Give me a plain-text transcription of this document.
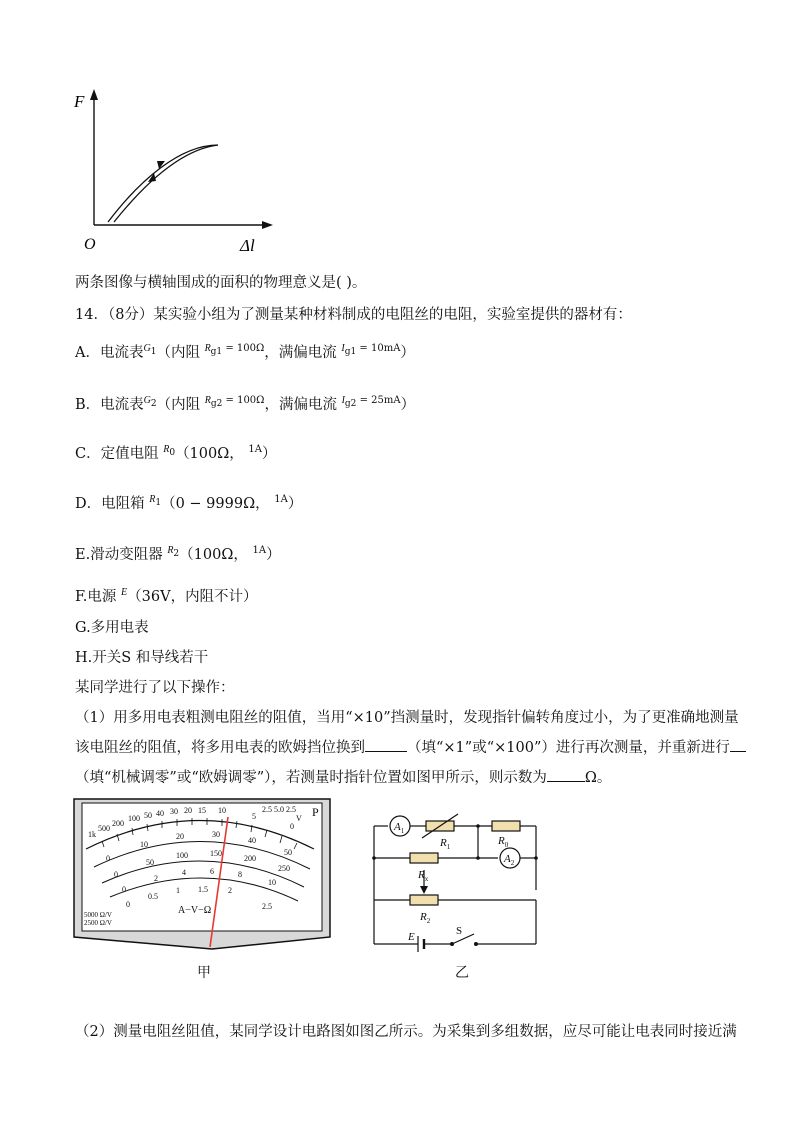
F
O	Δl
两条图像与横轴围成的面积的物理意义是( )。
14．（8分）某实验小组为了测量某种材料制成的电阻丝的电阻，实验室提供的器材有：
A．电流表$^{G1}$（内阻 $^{Rg1 = 100\Omega}$，满偏电流 $^{Ig1 = 10mA}$）
B．电流表$^{G2}$（内阻 $^{Rg2 = 100\Omega}$，满偏电流 $^{Ig2 = 25mA}$）
C．定值电阻 $^{R0}$（100Ω， $^{1A}$）
D．电阻箱 $^{R1}$（0 − 9999Ω， $^{1A}$）
E.滑动变阻器 $^{R2}$（100Ω， $^{1A}$）
F.电源 $^E$（36V，内阻不计）
G.多用电表
H.开关S 和导线若干
某同学进行了以下操作：
（1）用多用电表粗测电阻丝的阻值，当用“×10”挡测量时，发现指针偏转角度过小，为了更准确地测量
该电阻丝的阻值，将多用电表的欧姆挡位换到	（填“×1”或“×100”）进行再次测量，并重新进行
（填“机械调零”或“欧姆调零”），若测量时指针位置如图甲所示，则示数为	Ω。
1k
500
200
100 50 40 30 20 15 10
5
0
0
10
20	30
40
50
0
50
100	150
200
250
0
2
4	6	8
10
0
0.5
1 1.5	2
2.5
2.5 5.0 2.5
V P
A−V−Ω
5000 Ω/V
2500 Ω/V
甲
$A_1$
$A_2$
$R_1$	$R_0$
$R_x$
$R_2$
E	S
乙
（2）测量电阻丝阻值，某同学设计电路图如图乙所示。为采集到多组数据，应尽可能让电表同时接近满
